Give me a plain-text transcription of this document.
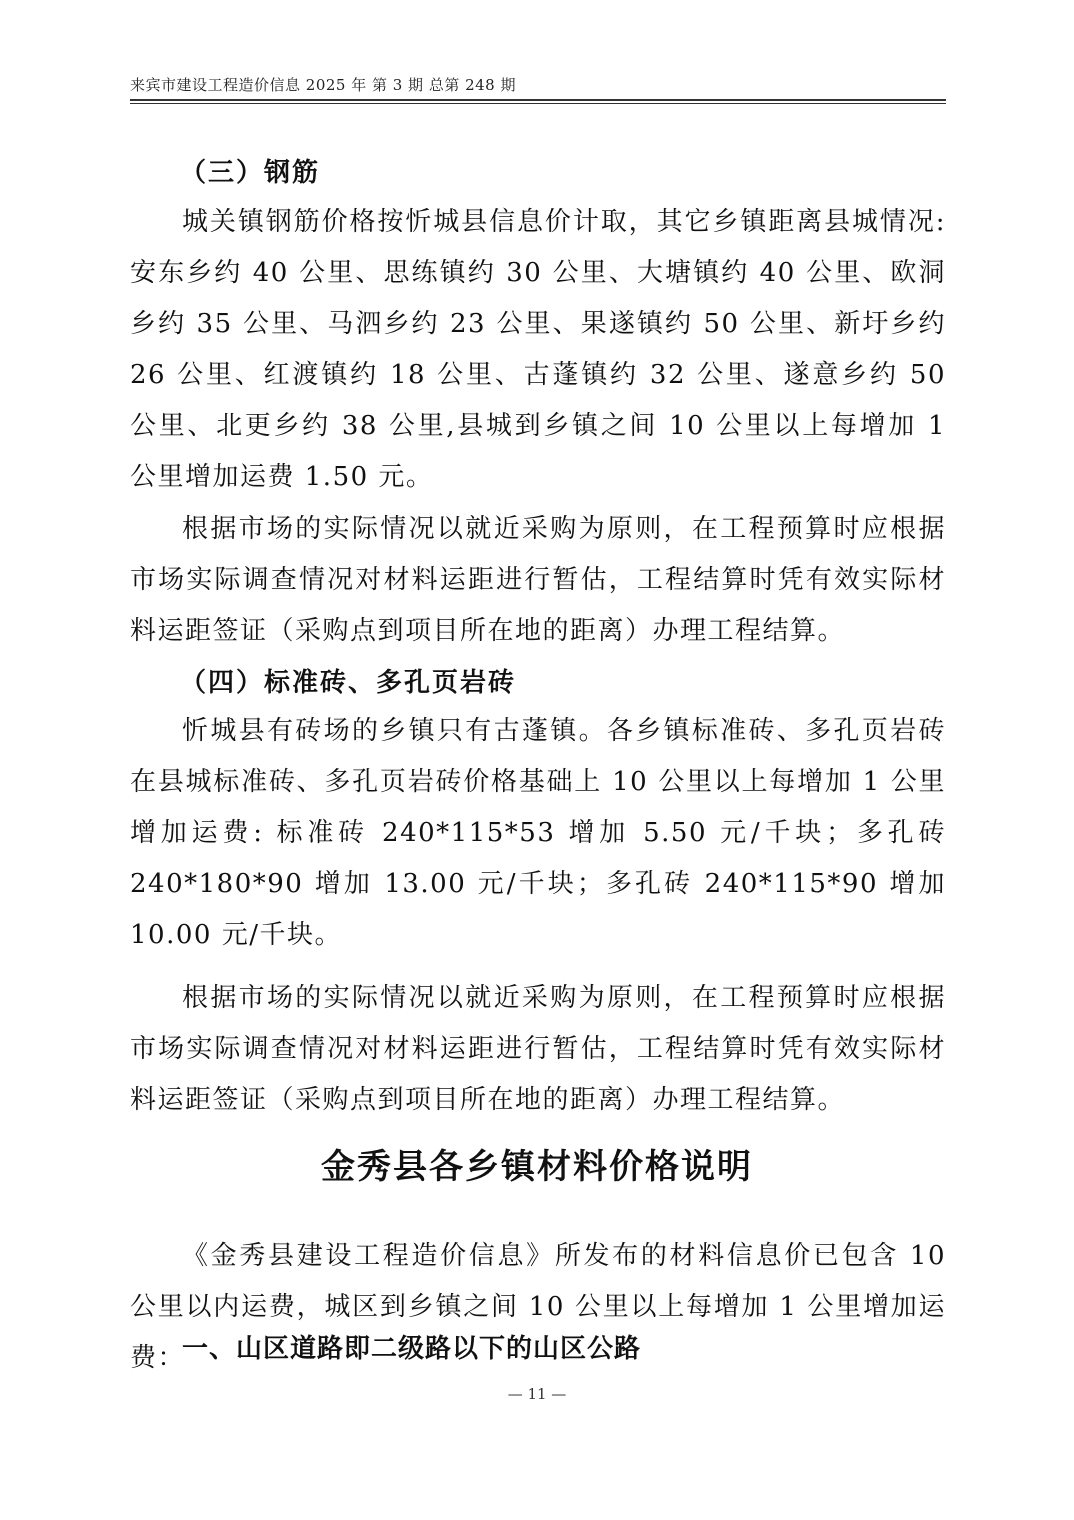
来宾市建设工程造价信息 2025 年 第 3 期 总第 248 期
（三）钢筋

城关镇钢筋价格按忻城县信息价计取，其它乡镇距离县城情况:安东乡约 40 公里、思练镇约 30 公里、大塘镇约 40 公里、欧洞乡约 35 公里、马泗乡约 23 公里、果遂镇约 50 公里、新圩乡约 26 公里、红渡镇约 18 公里、古蓬镇约 32 公里、遂意乡约 50 公里、北更乡约 38 公里,县城到乡镇之间 10 公里以上每增加 1 公里增加运费 1.50 元。

根据市场的实际情况以就近采购为原则，在工程预算时应根据市场实际调查情况对材料运距进行暂估，工程结算时凭有效实际材料运距签证（采购点到项目所在地的距离）办理工程结算。

（四）标准砖、多孔页岩砖

忻城县有砖场的乡镇只有古蓬镇。各乡镇标准砖、多孔页岩砖在县城标准砖、多孔页岩砖价格基础上 10 公里以上每增加 1 公里增加运费: 标准砖 240*115*53 增加 5.50 元/千块；多孔砖 240*180*90 增加 13.00 元/千块；多孔砖 240*115*90 增加 10.00 元/千块。

根据市场的实际情况以就近采购为原则，在工程预算时应根据市场实际调查情况对材料运距进行暂估，工程结算时凭有效实际材料运距签证（采购点到项目所在地的距离）办理工程结算。

金秀县各乡镇材料价格说明

《金秀县建设工程造价信息》所发布的材料信息价已包含 10 公里以内运费，城区到乡镇之间 10 公里以上每增加 1 公里增加运费：

一、山区道路即二级路以下的山区公路
— 11 —
